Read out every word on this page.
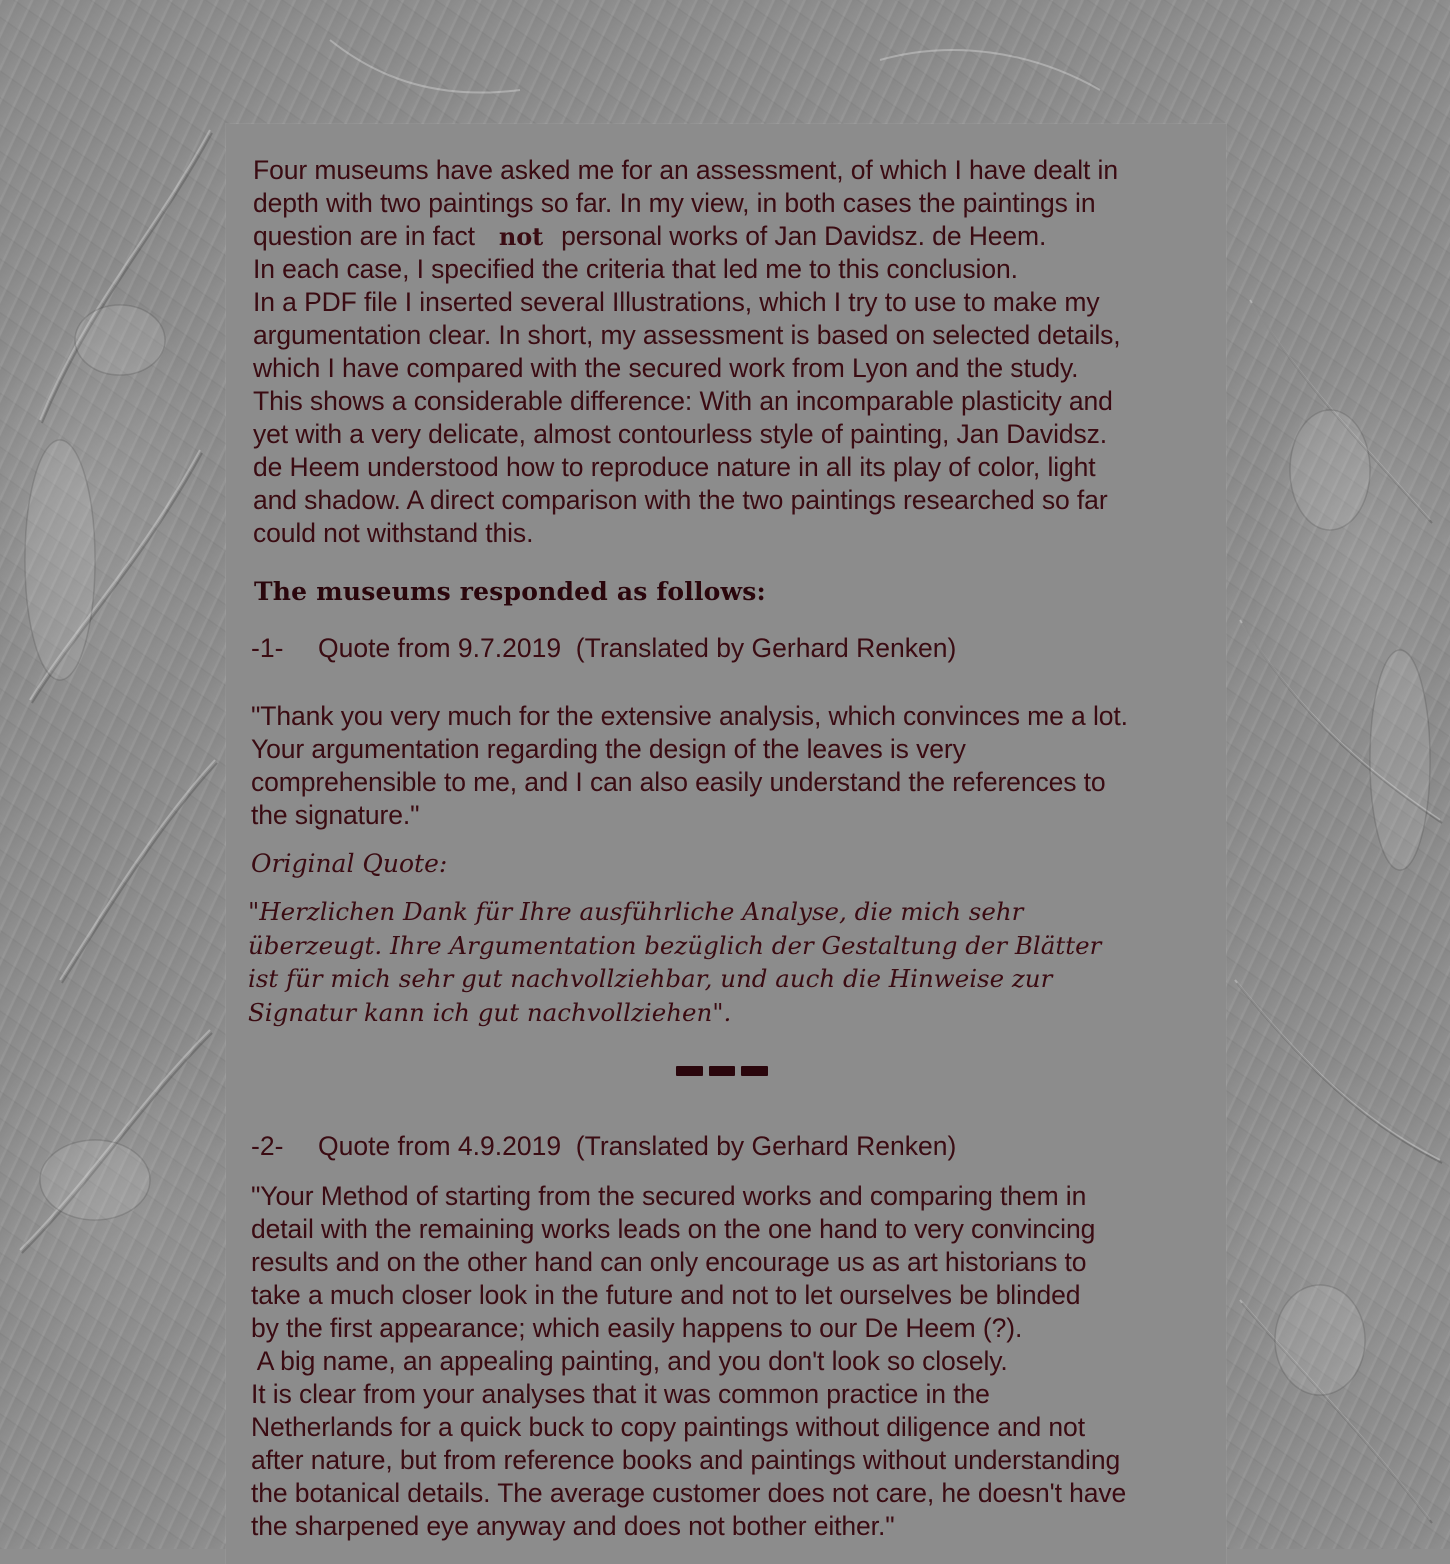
Four museums have asked me for an assessment, of which I have dealt in
depth with two paintings so far. In my view, in both cases the paintings in
question are in fact not personal works of Jan Davidsz. de Heem.
In each case, I specified the criteria that led me to this conclusion.
In a PDF file I inserted several Illustrations, which I try to use to make my
argumentation clear. In short, my assessment is based on selected details,
which I have compared with the secured work from Lyon and the study.
This shows a considerable difference: With an incomparable plasticity and
yet with a very delicate, almost contourless style of painting, Jan Davidsz.
de Heem understood how to reproduce nature in all its play of color, light
and shadow. A direct comparison with the two paintings researched so far
could not withstand this.
The museums responded as follows:
-1- Quote from 9.7.2019  (Translated by Gerhard Renken)
"Thank you very much for the extensive analysis, which convinces me a lot.
Your argumentation regarding the design of the leaves is very
comprehensible to me, and I can also easily understand the references to
the signature."
Original Quote:
"Herzlichen Dank für Ihre ausführliche Analyse, die mich sehr
überzeugt. Ihre Argumentation bezüglich der Gestaltung der Blätter
ist für mich sehr gut nachvollziehbar, und auch die Hinweise zur
Signatur kann ich gut nachvollziehen".
-2- Quote from 4.9.2019  (Translated by Gerhard Renken)
"Your Method of starting from the secured works and comparing them in
detail with the remaining works leads on the one hand to very convincing
results and on the other hand can only encourage us as art historians to
take a much closer look in the future and not to let ourselves be blinded
by the first appearance; which easily happens to our De Heem (?).
A big name, an appealing painting, and you don't look so closely.
It is clear from your analyses that it was common practice in the
Netherlands for a quick buck to copy paintings without diligence and not
after nature, but from reference books and paintings without understanding
the botanical details. The average customer does not care, he doesn't have
the sharpened eye anyway and does not bother either."
